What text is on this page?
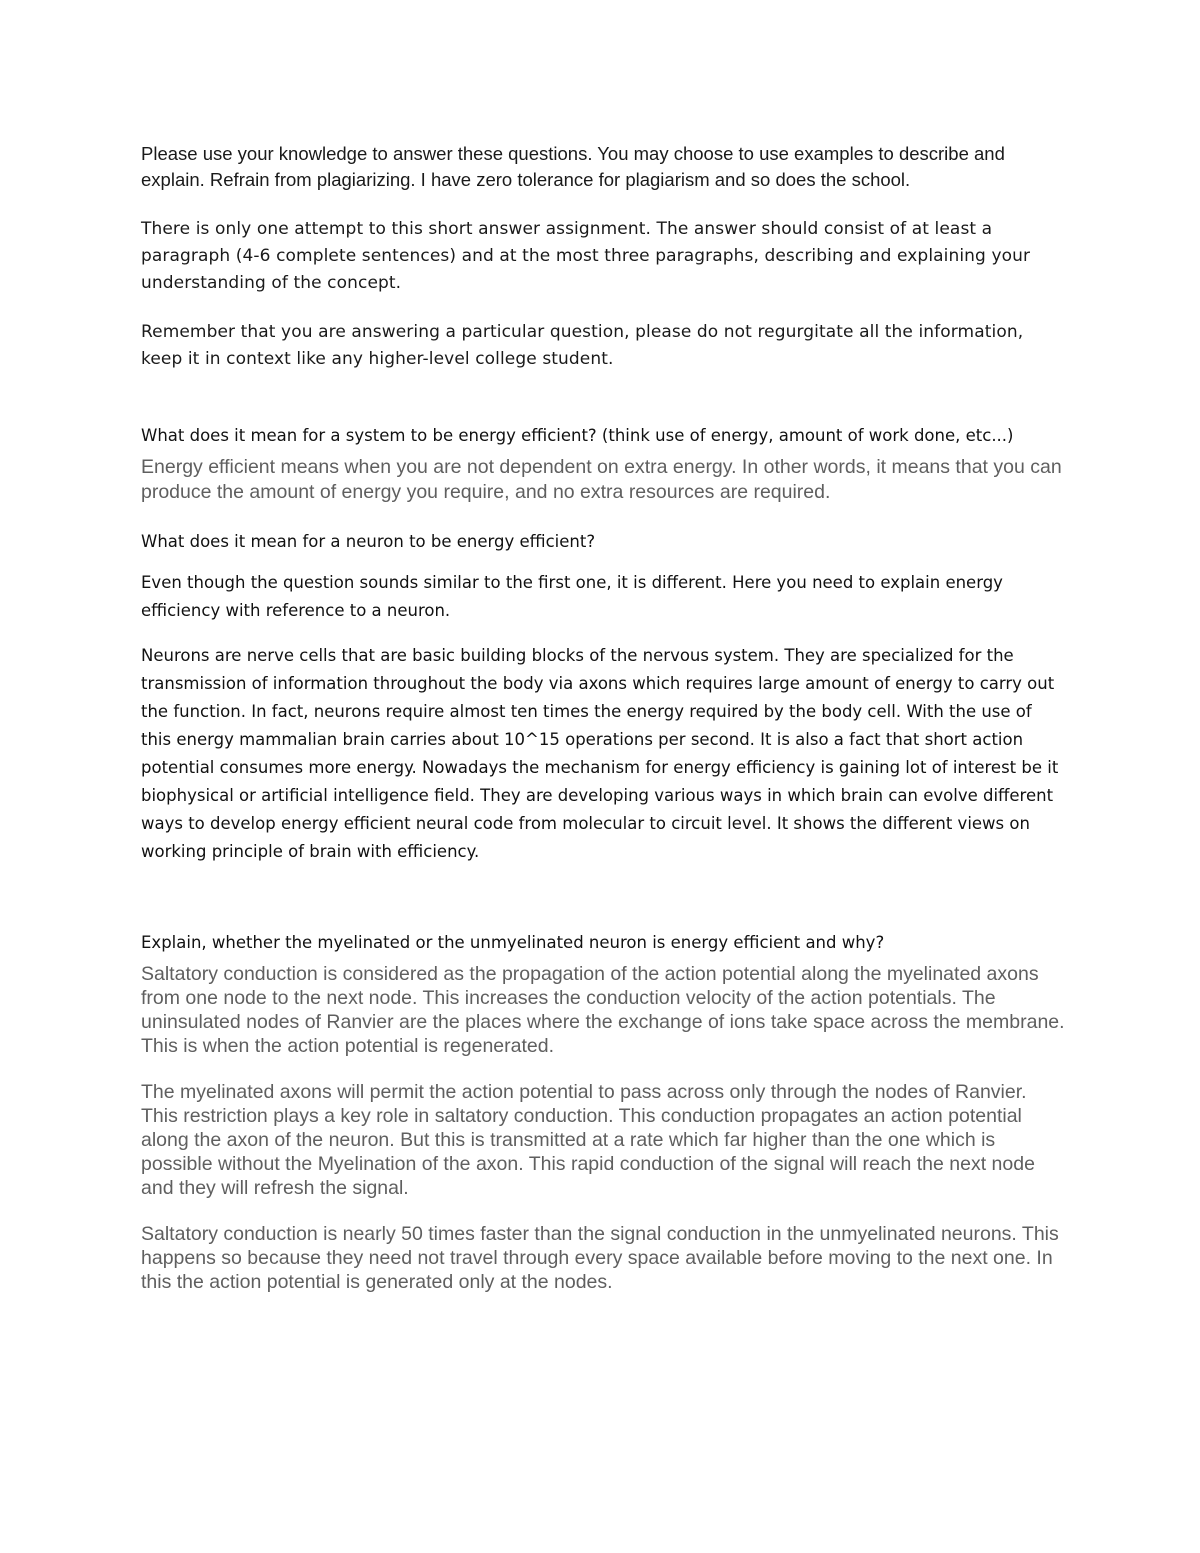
Please use your knowledge to answer these questions. You may choose to use examples to describe and explain. Refrain from plagiarizing. I have zero tolerance for plagiarism and so does the school.

There is only one attempt to this short answer assignment. The answer should consist of at least a paragraph (4-6 complete sentences) and at the most three paragraphs, describing and explaining your understanding of the concept.

Remember that you are answering a particular question, please do not regurgitate all the information, keep it in context like any higher-level college student.

What does it mean for a system to be energy efficient? (think use of energy, amount of work done, etc...)

Energy efficient means when you are not dependent on extra energy. In other words, it means that you can produce the amount of energy you require, and no extra resources are required.

What does it mean for a neuron to be energy efficient?

Even though the question sounds similar to the first one, it is different. Here you need to explain energy efficiency with reference to a neuron.

Neurons are nerve cells that are basic building blocks of the nervous system. They are specialized for the transmission of information throughout the body via axons which requires large amount of energy to carry out the function. In fact, neurons require almost ten times the energy required by the body cell. With the use of this energy mammalian brain carries about 10^15 operations per second. It is also a fact that short action potential consumes more energy. Nowadays the mechanism for energy efficiency is gaining lot of interest be it biophysical or artificial intelligence field. They are developing various ways in which brain can evolve different ways to develop energy efficient neural code from molecular to circuit level. It shows the different views on working principle of brain with efficiency.

Explain, whether the myelinated or the unmyelinated neuron is energy efficient and why?

Saltatory conduction is considered as the propagation of the action potential along the myelinated axons from one node to the next node. This increases the conduction velocity of the action potentials. The uninsulated nodes of Ranvier are the places where the exchange of ions take space across the membrane. This is when the action potential is regenerated.

The myelinated axons will permit the action potential to pass across only through the nodes of Ranvier. This restriction plays a key role in saltatory conduction. This conduction propagates an action potential along the axon of the neuron. But this is transmitted at a rate which far higher than the one which is possible without the Myelination of the axon. This rapid conduction of the signal will reach the next node and they will refresh the signal.

Saltatory conduction is nearly 50 times faster than the signal conduction in the unmyelinated neurons. This happens so because they need not travel through every space available before moving to the next one. In this the action potential is generated only at the nodes.
